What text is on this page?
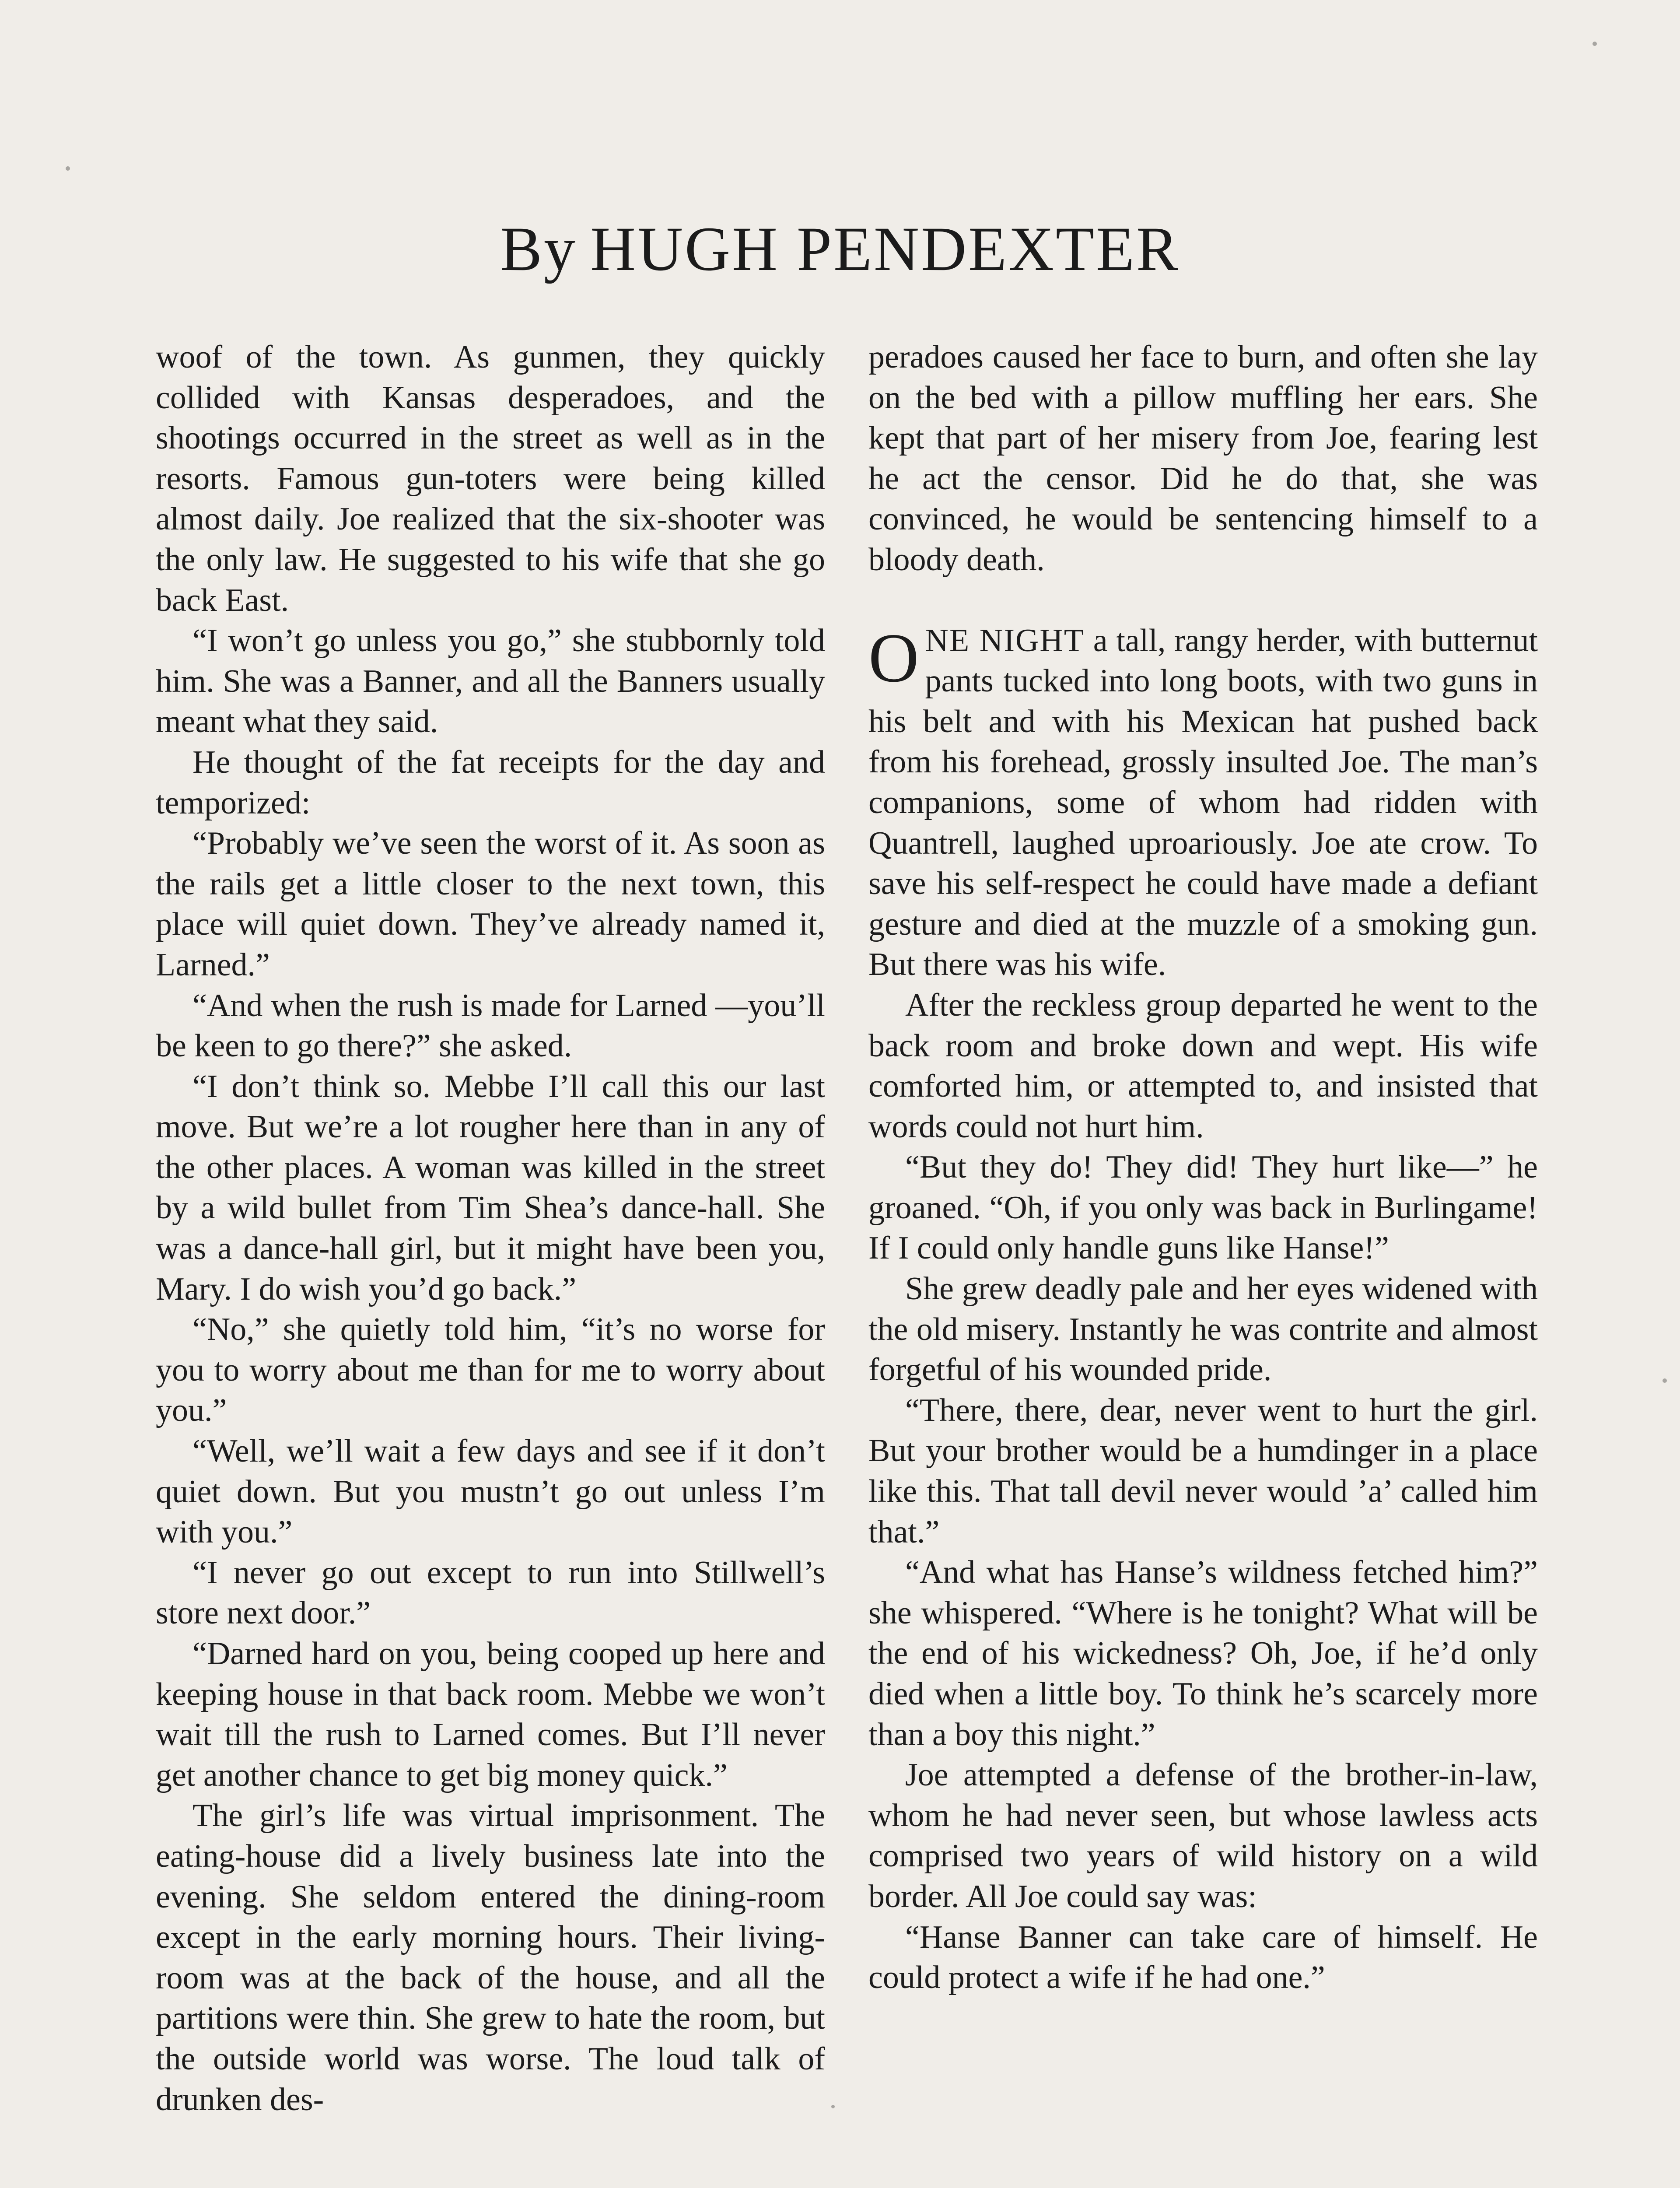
By HUGH PENDEXTER

woof of the town. As gunmen, they quickly collided with Kansas desperadoes, and the shootings occurred in the street as well as in the resorts. Famous gun-toters were being killed almost daily. Joe realized that the six-shooter was the only law. He suggested to his wife that she go back East.

“I won’t go unless you go,” she stubbornly told him. She was a Banner, and all the Banners usually meant what they said.

He thought of the fat receipts for the day and temporized:

“Probably we’ve seen the worst of it. As soon as the rails get a little closer to the next town, this place will quiet down. They’ve already named it, Larned.”

“And when the rush is made for Larned —you’ll be keen to go there?” she asked.

“I don’t think so. Mebbe I’ll call this our last move. But we’re a lot rougher here than in any of the other places. A woman was killed in the street by a wild bullet from Tim Shea’s dance-hall. She was a dance-hall girl, but it might have been you, Mary. I do wish you’d go back.”

“No,” she quietly told him, “it’s no worse for you to worry about me than for me to worry about you.”

“Well, we’ll wait a few days and see if it don’t quiet down. But you mustn’t go out unless I’m with you.”

“I never go out except to run into Stillwell’s store next door.”

“Darned hard on you, being cooped up here and keeping house in that back room. Mebbe we won’t wait till the rush to Larned comes. But I’ll never get another chance to get big money quick.”

The girl’s life was virtual imprisonment. The eating-house did a lively business late into the evening. She seldom entered the dining-room except in the early morning hours. Their living-room was at the back of the house, and all the partitions were thin. She grew to hate the room, but the outside world was worse. The loud talk of drunken des-

peradoes caused her face to burn, and often she lay on the bed with a pillow muffling her ears. She kept that part of her misery from Joe, fearing lest he act the censor. Did he do that, she was convinced, he would be sentencing himself to a bloody death.

ONE NIGHT a tall, rangy herder, with butternut pants tucked into long boots, with two guns in his belt and with his Mexican hat pushed back from his forehead, grossly insulted Joe. The man’s companions, some of whom had ridden with Quantrell, laughed uproariously. Joe ate crow. To save his self-respect he could have made a defiant gesture and died at the muzzle of a smoking gun. But there was his wife.

After the reckless group departed he went to the back room and broke down and wept. His wife comforted him, or attempted to, and insisted that words could not hurt him.

“But they do! They did! They hurt like—” he groaned. “Oh, if you only was back in Burlingame! If I could only handle guns like Hanse!”

She grew deadly pale and her eyes widened with the old misery. Instantly he was contrite and almost forgetful of his wounded pride.

“There, there, dear, never went to hurt the girl. But your brother would be a humdinger in a place like this. That tall devil never would ’a’ called him that.”

“And what has Hanse’s wildness fetched him?” she whispered. “Where is he tonight? What will be the end of his wickedness? Oh, Joe, if he’d only died when a little boy. To think he’s scarcely more than a boy this night.”

Joe attempted a defense of the brother-in-law, whom he had never seen, but whose lawless acts comprised two years of wild history on a wild border. All Joe could say was:

“Hanse Banner can take care of himself. He could protect a wife if he had one.”
